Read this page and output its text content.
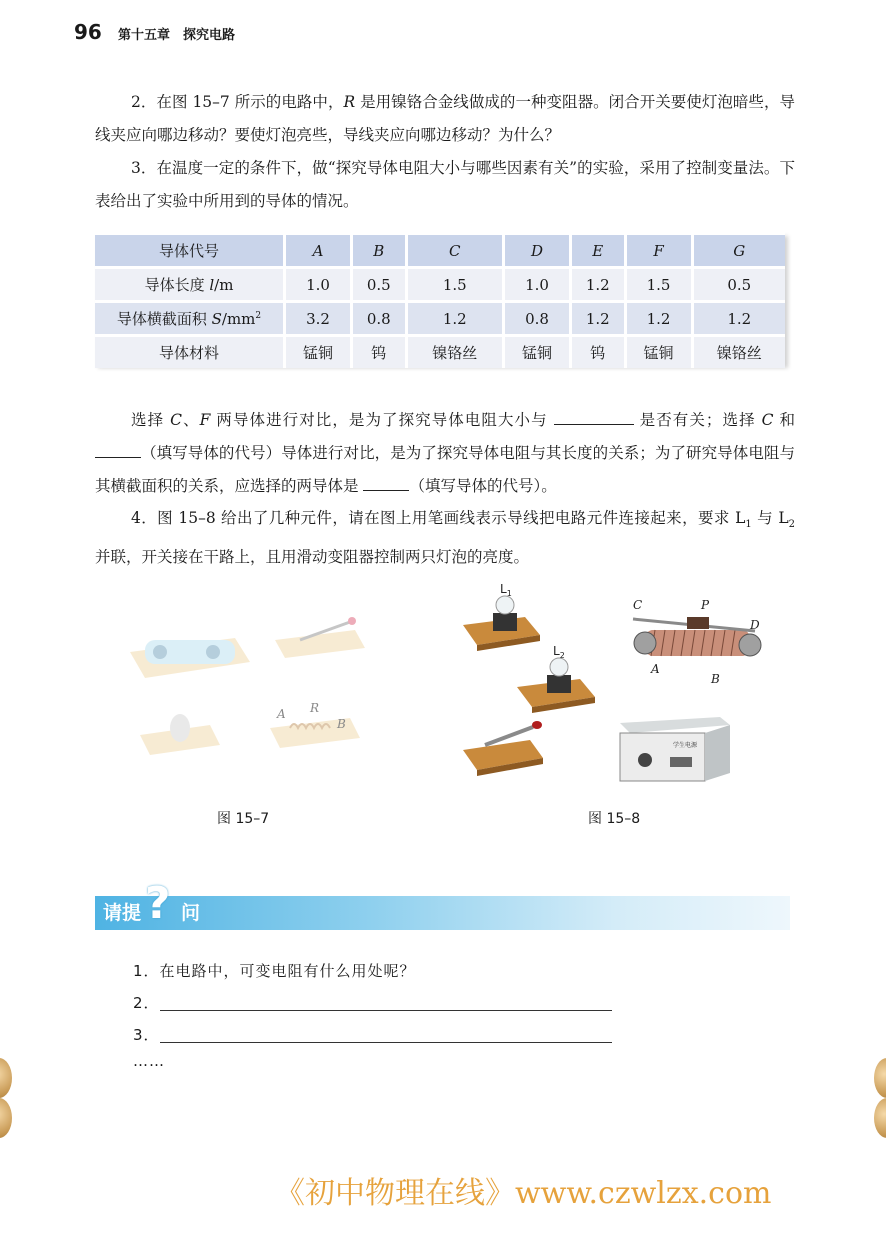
96 第十五章　探究电路
2．在图 15–7 所示的电路中，R 是用镍铬合金线做成的一种变阻器。闭合开关要使灯泡暗些，导线夹应向哪边移动？要使灯泡亮些，导线夹应向哪边移动？为什么？
3．在温度一定的条件下，做“探究导体电阻大小与哪些因素有关”的实验，采用了控制变量法。下表给出了实验中所用到的导体的情况。
导体代号	A	B	C	D	E	F	G
导体长度 l/m	1.0	0.5	1.5	1.0	1.2	1.5	0.5
导体横截面积 $S/mm^2$	3.2	0.8	1.2	0.8	1.2	1.2	1.2
导体材料	锰铜	钨	镍铬丝	锰铜	钨	锰铜	镍铬丝
选择 C、F 两导体进行对比，是为了探究导体电阻大小与	是否有关；选择 C 和 （填写导体的代号）导体进行对比，是为了探究导体电阻与其长度的关系；为了研究导体电阻与其横截面积的关系，应选择的两导体是	（填写导体的代号）。
4．图 15–8 给出了几种元件，请在图上用笔画线表示导线把电路元件连接起来，要求 $L_1$ 与 $L_2$ 并联，开关接在干路上，且用滑动变阻器控制两只灯泡的亮度。
A R
B
图 15–7
$L_1$
$L_2$
C	P
D
A
B
学生电源
图 15–8
请提 ? 问
1．在电路中，可变电阻有什么用处呢？
2．
3．
……
《初中物理在线》www.czwlzx.com
